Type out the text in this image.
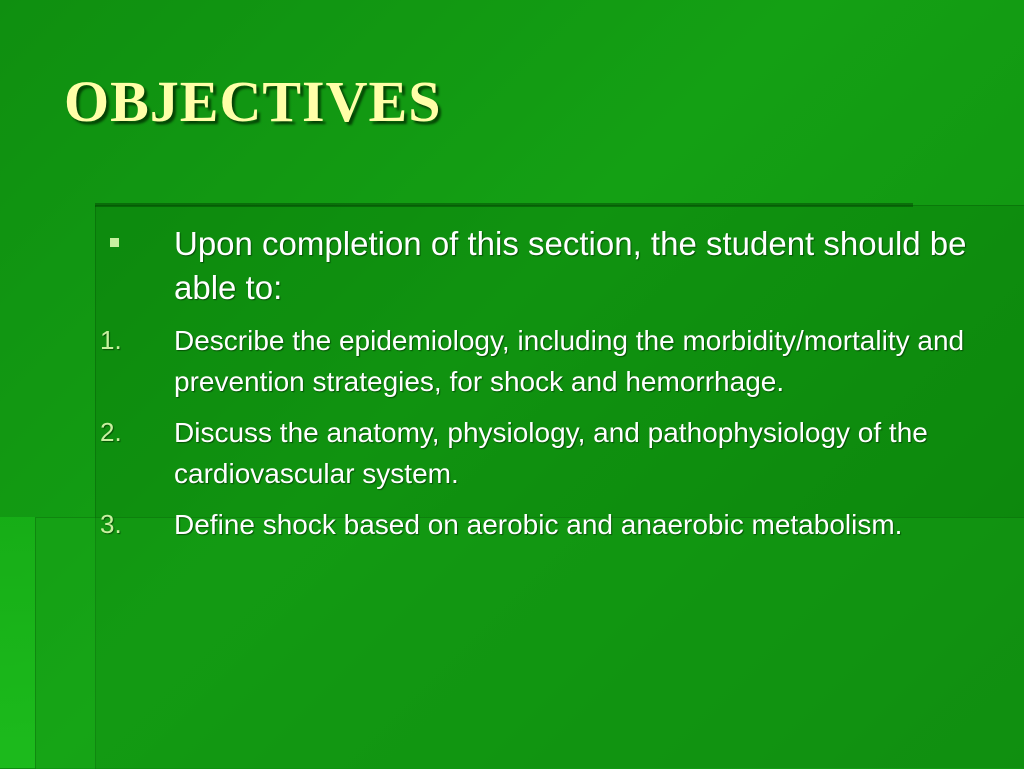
OBJECTIVES
Upon completion of this section, the student should be able to:
1.	Describe the epidemiology, including the morbidity/mortality and prevention strategies, for shock and hemorrhage.
2.	Discuss the anatomy, physiology, and pathophysiology of the cardiovascular system.
3.	Define shock based on aerobic and anaerobic metabolism.
